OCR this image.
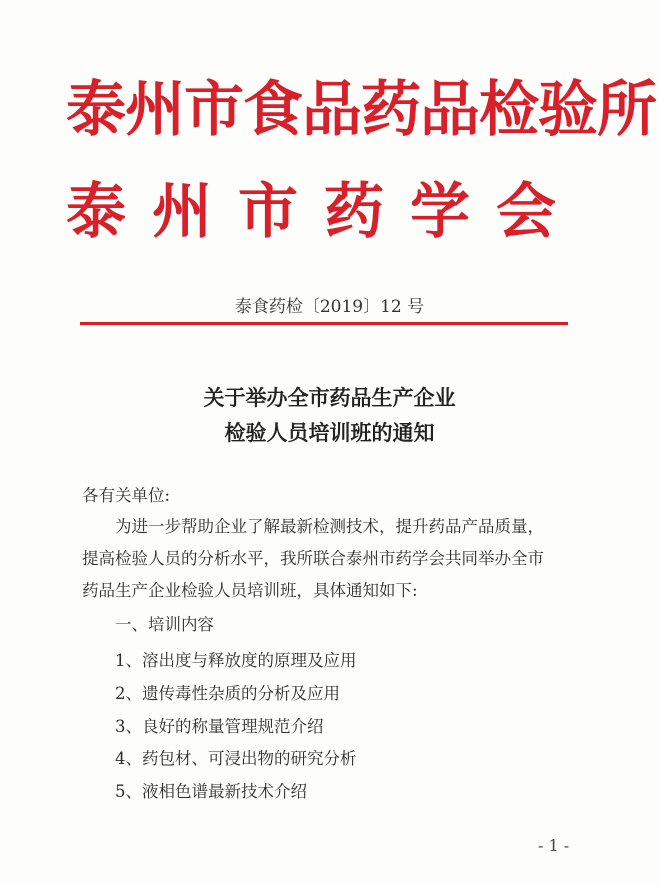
泰州市食品药品检验所
泰 州 市 药 学 会
泰食药检〔2019〕12 号
关于举办全市药品生产企业
检验人员培训班的通知
各有关单位:
为进一步帮助企业了解最新检测技术，提升药品产品质量，
提高检验人员的分析水平，我所联合泰州市药学会共同举办全市
药品生产企业检验人员培训班，具体通知如下:
一、培训内容
1、溶出度与释放度的原理及应用
2、遗传毒性杂质的分析及应用
3、良好的称量管理规范介绍
4、药包材、可浸出物的研究分析
5、液相色谱最新技术介绍
- 1 -
